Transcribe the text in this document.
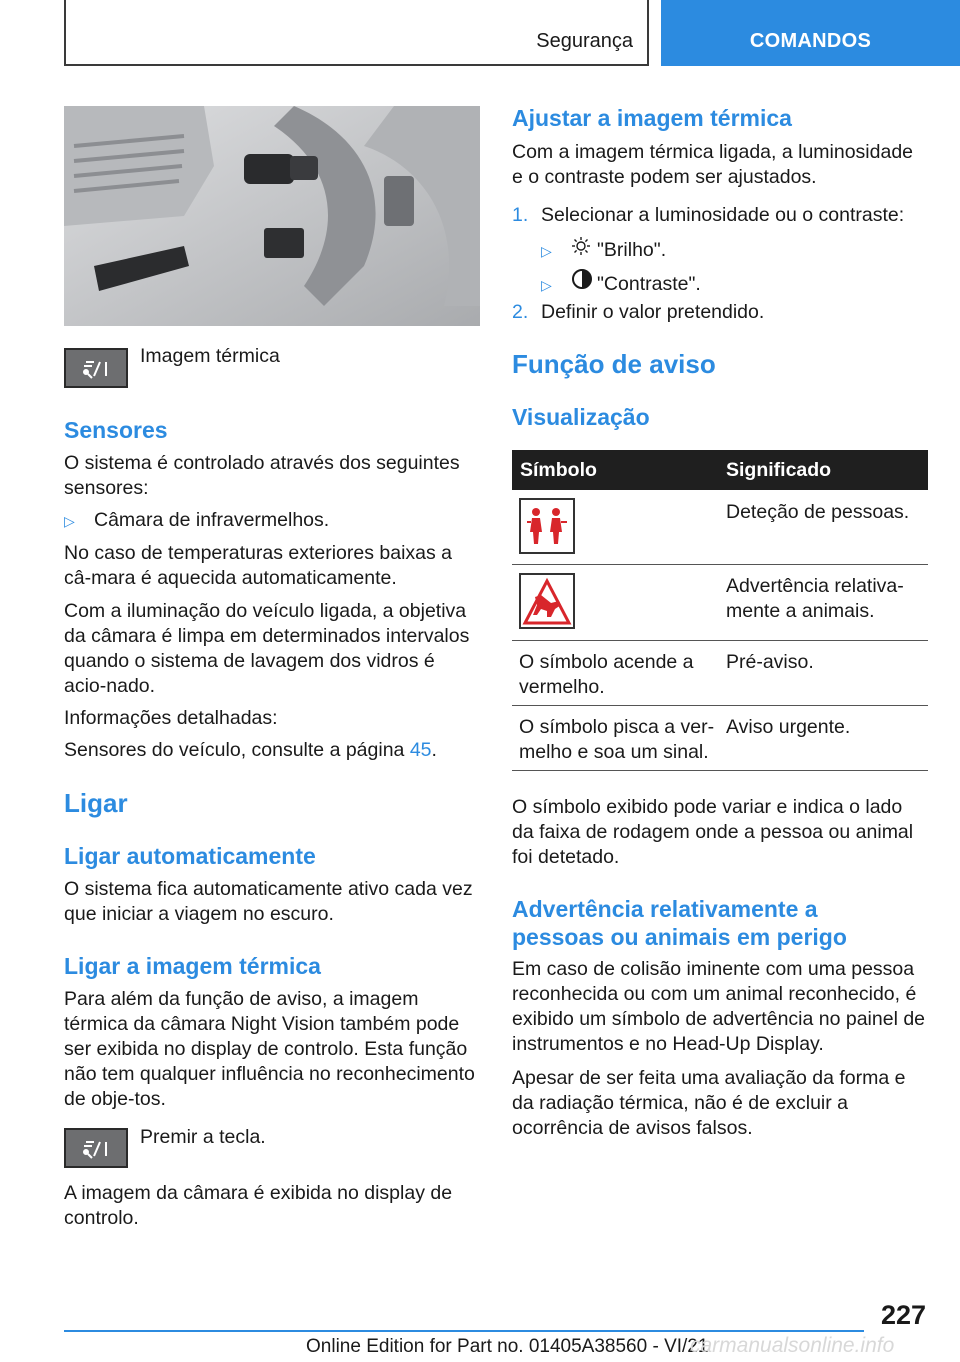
Segurança	COMANDOS
Imagem térmica
Sensores
O sistema é controlado através dos seguintes sensores:
▷ Câmara de infravermelhos.
No caso de temperaturas exteriores baixas a câ-mara é aquecida automaticamente.
Com a iluminação do veículo ligada, a objetiva da câmara é limpa em determinados intervalos quando o sistema de lavagem dos vidros é acio-nado.
Informações detalhadas:
Sensores do veículo, consulte a página 45.
Ligar
Ligar automaticamente
O sistema fica automaticamente ativo cada vez que iniciar a viagem no escuro.
Ligar a imagem térmica
Para além da função de aviso, a imagem térmica da câmara Night Vision também pode ser exibida no display de controlo. Esta função não tem qualquer influência no reconhecimento de obje-tos.
Premir a tecla.
A imagem da câmara é exibida no display de controlo.
Ajustar a imagem térmica
Com a imagem térmica ligada, a luminosidade e o contraste podem ser ajustados.
1. Selecionar a luminosidade ou o contraste:
▷ "Brilho".
▷ "Contraste".
2. Definir o valor pretendido.
Função de aviso
Visualização
Símbolo	Significado
Deteção de pessoas.
Advertência relativa-mente a animais.
O símbolo acende a vermelho.
Pré-aviso.
O símbolo pisca a ver-melho e soa um sinal.
Aviso urgente.
O símbolo exibido pode variar e indica o lado da faixa de rodagem onde a pessoa ou animal foi detetado.
Advertência relativamente a pessoas ou animais em perigo
Em caso de colisão iminente com uma pessoa reconhecida ou com um animal reconhecido, é exibido um símbolo de advertência no painel de instrumentos e no Head-Up Display.
Apesar de ser feita uma avaliação da forma e da radiação térmica, não é de excluir a ocorrência de avisos falsos.
227
Online Edition for Part no. 01405A38560 - VI/21
carmanualsonline.info
